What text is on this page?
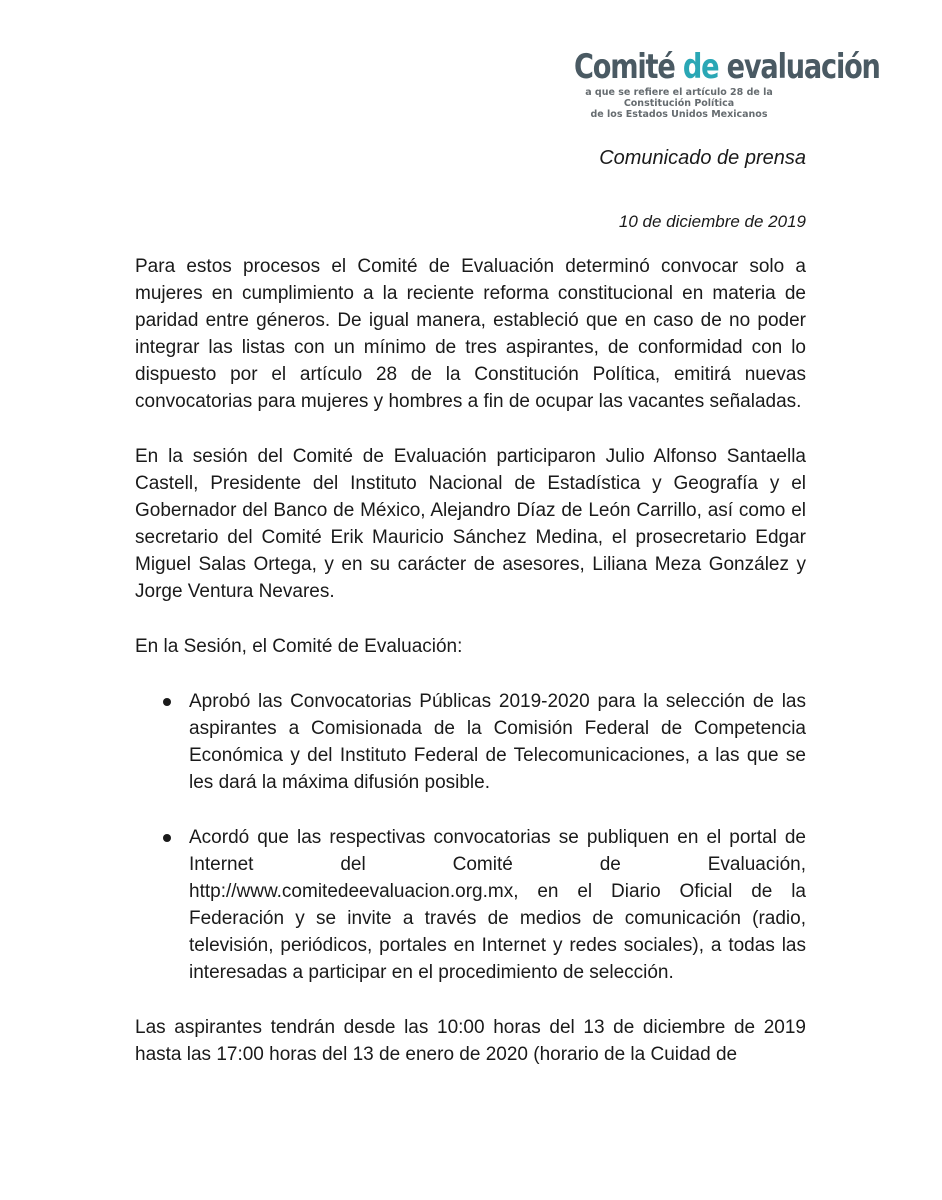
Comité de evaluación
a que se refiere el artículo 28 de la Constitución Política
de los Estados Unidos Mexicanos
Comunicado de prensa
10 de diciembre de 2019

Para estos procesos el Comité de Evaluación determinó convocar solo a mujeres en cumplimiento a la reciente reforma constitucional en materia de paridad entre géneros. De igual manera, estableció que en caso de no poder integrar las listas con un mínimo de tres aspirantes, de conformidad con lo dispuesto por el artículo 28 de la Constitución Política, emitirá nuevas convocatorias para mujeres y hombres a fin de ocupar las vacantes señaladas.

En la sesión del Comité de Evaluación participaron Julio Alfonso Santaella Castell, Presidente del Instituto Nacional de Estadística y Geografía y el Gobernador del Banco de México, Alejandro Díaz de León Carrillo, así como el secretario del Comité Erik Mauricio Sánchez Medina, el prosecretario Edgar Miguel Salas Ortega, y en su carácter de asesores, Liliana Meza González y Jorge Ventura Nevares.

En la Sesión, el Comité de Evaluación:

Aprobó las Convocatorias Públicas 2019-2020 para la selección de las aspirantes a Comisionada de la Comisión Federal de Competencia Económica y del Instituto Federal de Telecomunicaciones, a las que se les dará la máxima difusión posible.
Acordó que las respectivas convocatorias se publiquen en el portal de Internet del Comité de Evaluación, http://www.comitedeevaluacion.org.mx, en el Diario Oficial de la Federación y se invite a través de medios de comunicación (radio, televisión, periódicos, portales en Internet y redes sociales), a todas las interesadas a participar en el procedimiento de selección.

Las aspirantes tendrán desde las 10:00 horas del 13 de diciembre de 2019 hasta las 17:00 horas del 13 de enero de 2020 (horario de la Cuidad de
